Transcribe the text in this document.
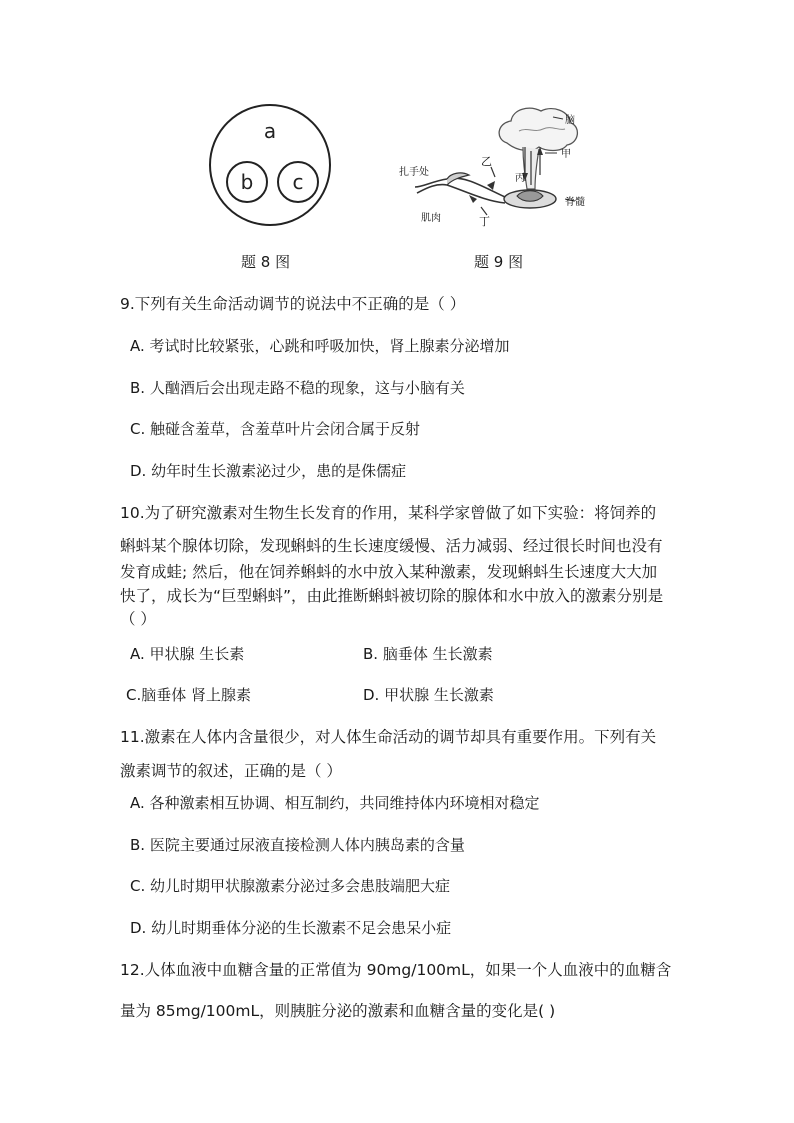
a
b c
脑
甲
乙
丙
丁
脊髓
扎手处
肌肉
题 8 图	题 9 图
9.下列有关生命活动调节的说法中不正确的是（ ）
A. 考试时比较紧张，心跳和呼吸加快，肾上腺素分泌增加
B. 人酗酒后会出现走路不稳的现象，这与小脑有关
C. 触碰含羞草，含羞草叶片会闭合属于反射
D. 幼年时生长激素泌过少，患的是侏儒症
10.为了研究激素对生物生长发育的作用，某科学家曾做了如下实验：将饲养的
蝌蚪某个腺体切除，发现蝌蚪的生长速度缓慢、活力减弱、经过很长时间也没有
发育成蛙; 然后，他在饲养蝌蚪的水中放入某种激素，发现蝌蚪生长速度大大加
快了，成长为“巨型蝌蚪”，由此推断蝌蚪被切除的腺体和水中放入的激素分别是
（ ）
A. 甲状腺 生长素	B. 脑垂体 生长激素
C.脑垂体 肾上腺素	D. 甲状腺 生长激素
11.激素在人体内含量很少，对人体生命活动的调节却具有重要作用。下列有关
激素调节的叙述，正确的是（ ）
A. 各种激素相互协调、相互制约，共同维持体内环境相对稳定
B. 医院主要通过尿液直接检测人体内胰岛素的含量
C. 幼儿时期甲状腺激素分泌过多会患肢端肥大症
D. 幼儿时期垂体分泌的生长激素不足会患呆小症
12.人体血液中血糖含量的正常值为 90mg/100mL，如果一个人血液中的血糖含
量为 85mg/100mL，则胰脏分泌的激素和血糖含量的变化是( )
